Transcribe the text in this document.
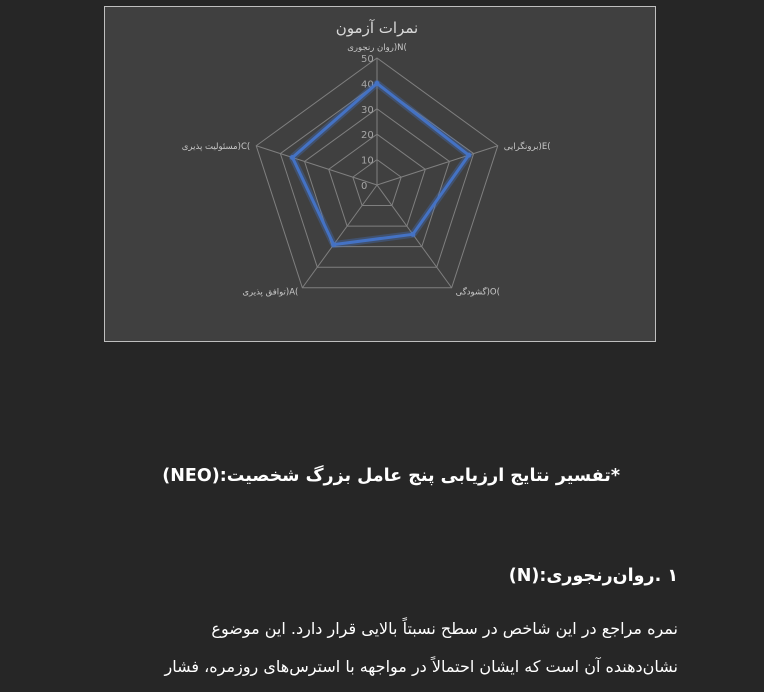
نمرات آزمون
0
10
20
30
40
50
روان رنجوری)N(
برونگرایی)E(
گشودگی)O(
توافق پذیری)A(
مسئولیت پذیری)C(
*تفسیر نتایج ارزیابی پنج عامل بزرگ شخصیت:(NEO)
١ .روان‌رنجوری:(N)
نمره مراجع در این شاخص در سطح نسبتاً بالایی قرار دارد. این موضوع
نشان‌دهنده آن است که ایشان احتمالاً در مواجهه با استرس‌های روزمره، فشار
